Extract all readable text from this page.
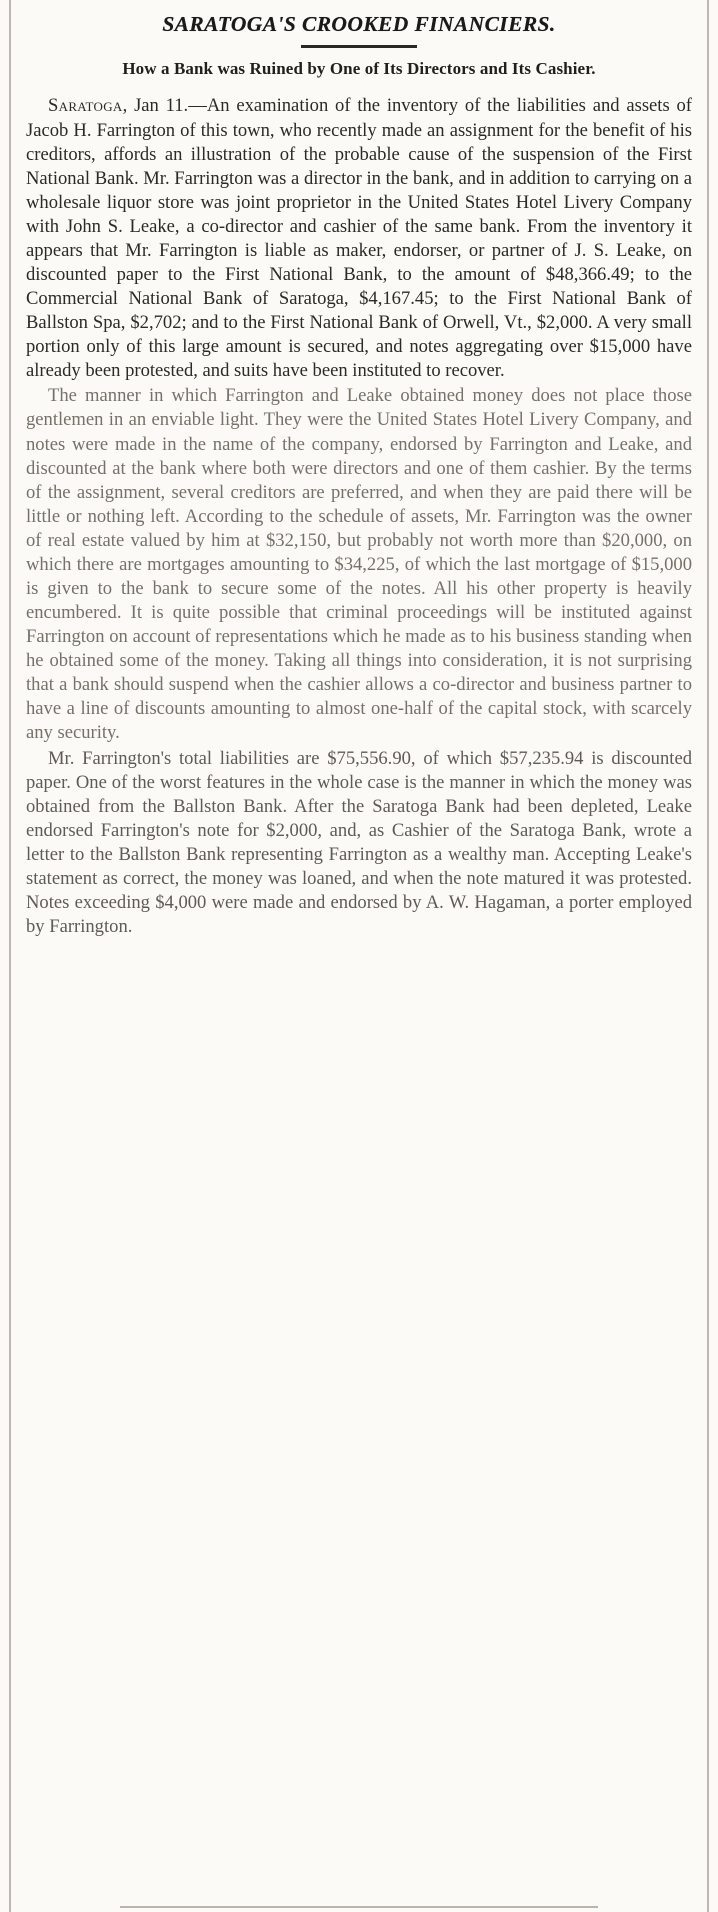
SARATOGA'S CROOKED FINANCIERS.
How a Bank was Ruined by One of Its Directors and Its Cashier.

Saratoga, Jan 11.—An examination of the inventory of the liabilities and assets of Jacob H. Farrington of this town, who recently made an assignment for the benefit of his creditors, affords an illustration of the probable cause of the suspension of the First National Bank. Mr. Farrington was a director in the bank, and in addition to carrying on a wholesale liquor store was joint proprietor in the United States Hotel Livery Company with John S. Leake, a co-director and cashier of the same bank. From the inventory it appears that Mr. Farrington is liable as maker, endorser, or partner of J. S. Leake, on discounted paper to the First National Bank, to the amount of $48,366.49; to the Commercial National Bank of Saratoga, $4,167.45; to the First National Bank of Ballston Spa, $2,702; and to the First National Bank of Orwell, Vt., $2,000. A very small portion only of this large amount is secured, and notes aggregating over $15,000 have already been protested, and suits have been instituted to recover.

The manner in which Farrington and Leake obtained money does not place those gentlemen in an enviable light. They were the United States Hotel Livery Company, and notes were made in the name of the company, endorsed by Farrington and Leake, and discounted at the bank where both were directors and one of them cashier. By the terms of the assignment, several creditors are preferred, and when they are paid there will be little or nothing left. According to the schedule of assets, Mr. Farrington was the owner of real estate valued by him at $32,150, but probably not worth more than $20,000, on which there are mortgages amounting to $34,225, of which the last mortgage of $15,000 is given to the bank to secure some of the notes. All his other property is heavily encumbered. It is quite possible that criminal proceedings will be instituted against Farrington on account of representations which he made as to his business standing when he obtained some of the money. Taking all things into consideration, it is not surprising that a bank should suspend when the cashier allows a co-director and business partner to have a line of discounts amounting to almost one-half of the capital stock, with scarcely any security.

Mr. Farrington's total liabilities are $75,556.90, of which $57,235.94 is discounted paper. One of the worst features in the whole case is the manner in which the money was obtained from the Ballston Bank. After the Saratoga Bank had been depleted, Leake endorsed Farrington's note for $2,000, and, as Cashier of the Saratoga Bank, wrote a letter to the Ballston Bank representing Farrington as a wealthy man. Accepting Leake's statement as correct, the money was loaned, and when the note matured it was protested. Notes exceeding $4,000 were made and endorsed by A. W. Hagaman, a porter employed by Farrington.
